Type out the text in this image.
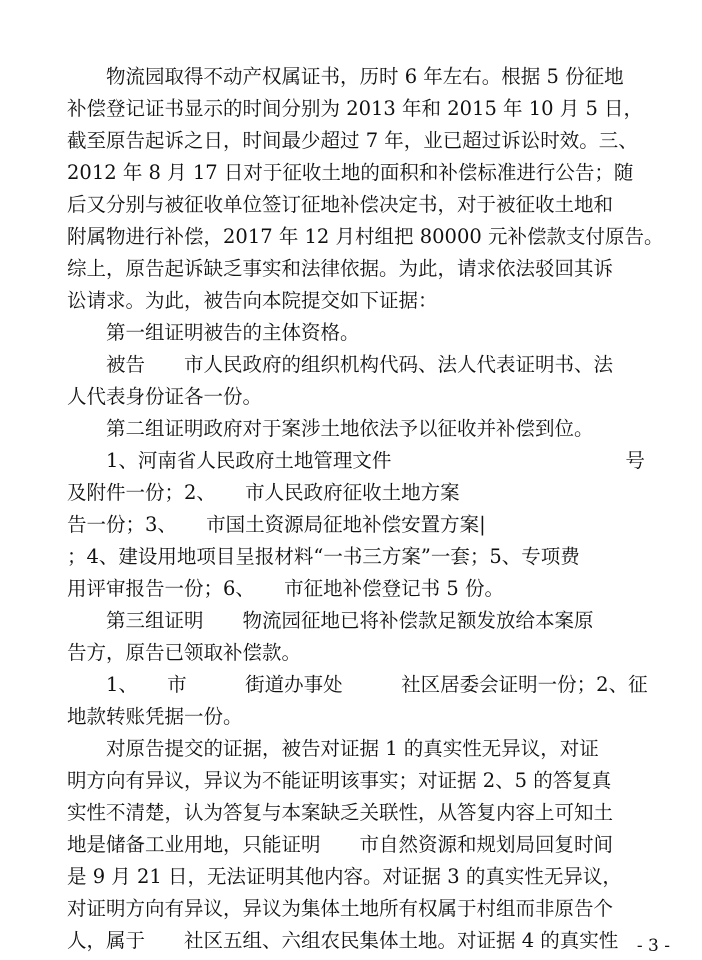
物流园取得不动产权属证书，历时 6 年左右。根据 5 份征地
补偿登记证书显示的时间分别为 2013 年和 2015 年 10 月 5 日，
截至原告起诉之日，时间最少超过 7 年，业已超过诉讼时效。三、
2012 年 8 月 17 日对于征收土地的面积和补偿标准进行公告；随
后又分别与被征收单位签订征地补偿决定书，对于被征收土地和
附属物进行补偿，2017 年 12 月村组把 80000 元补偿款支付原告。
综上，原告起诉缺乏事实和法律依据。为此，请求依法驳回其诉
讼请求。为此，被告向本院提交如下证据：
第一组证明被告的主体资格。
被告　　市人民政府的组织机构代码、法人代表证明书、法
人代表身份证各一份。
第二组证明政府对于案涉土地依法予以征收并补偿到位。
1、河南省人民政府土地管理文件　　　　　　　　　　　　号
及附件一份；2、　　市人民政府征收土地方案
告一份；3、　　市国土资源局征地补偿安置方案|
；4、建设用地项目呈报材料“一书三方案”一套；5、专项费
用评审报告一份；6、　　市征地补偿登记书 5 份。
第三组证明　　物流园征地已将补偿款足额发放给本案原
告方，原告已领取补偿款。
1、　　市　　　街道办事处　　　社区居委会证明一份；2、征
地款转账凭据一份。
对原告提交的证据，被告对证据 1 的真实性无异议，对证
明方向有异议，异议为不能证明该事实；对证据 2、5 的答复真
实性不清楚，认为答复与本案缺乏关联性，从答复内容上可知土
地是储备工业用地，只能证明　　市自然资源和规划局回复时间
是 9 月 21 日，无法证明其他内容。对证据 3 的真实性无异议，
对证明方向有异议，异议为集体土地所有权属于村组而非原告个
人，属于　　社区五组、六组农民集体土地。对证据 4 的真实性	- 3 -
